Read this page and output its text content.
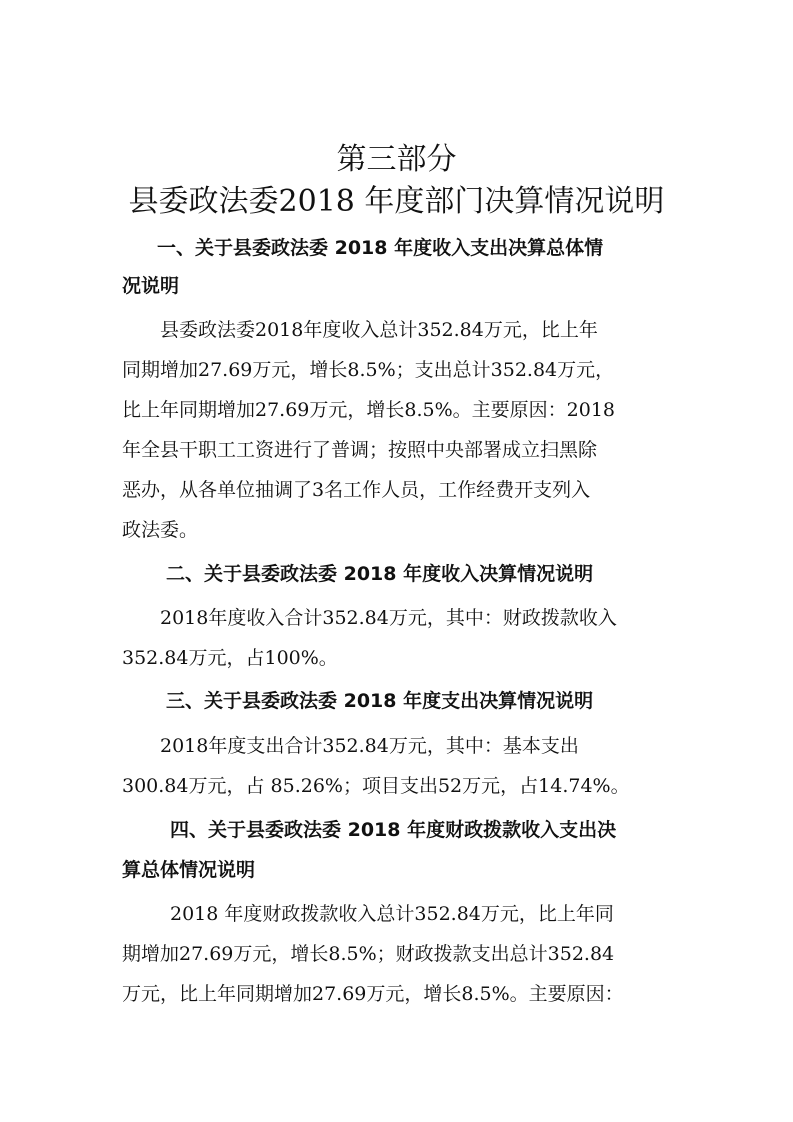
第三部分
县委政法委2018 年度部门决算情况说明
一、关于县委政法委 2018 年度收入支出决算总体情
况说明
县委政法委2018年度收入总计352.84万元，比上年
同期增加27.69万元，增长8.5%；支出总计352.84万元，
比上年同期增加27.69万元，增长8.5%。主要原因：2018
年全县干职工工资进行了普调；按照中央部署成立扫黑除
恶办，从各单位抽调了3名工作人员，工作经费开支列入
政法委。
二、关于县委政法委 2018 年度收入决算情况说明
2018年度收入合计352.84万元，其中：财政拨款收入
352.84万元，占100%。
三、关于县委政法委 2018 年度支出决算情况说明
2018年度支出合计352.84万元，其中：基本支出
300.84万元，占 85.26%；项目支出52万元，占14.74%。
四、关于县委政法委 2018 年度财政拨款收入支出决
算总体情况说明
2018 年度财政拨款收入总计352.84万元，比上年同
期增加27.69万元，增长8.5%；财政拨款支出总计352.84
万元，比上年同期增加27.69万元，增长8.5%。主要原因：
